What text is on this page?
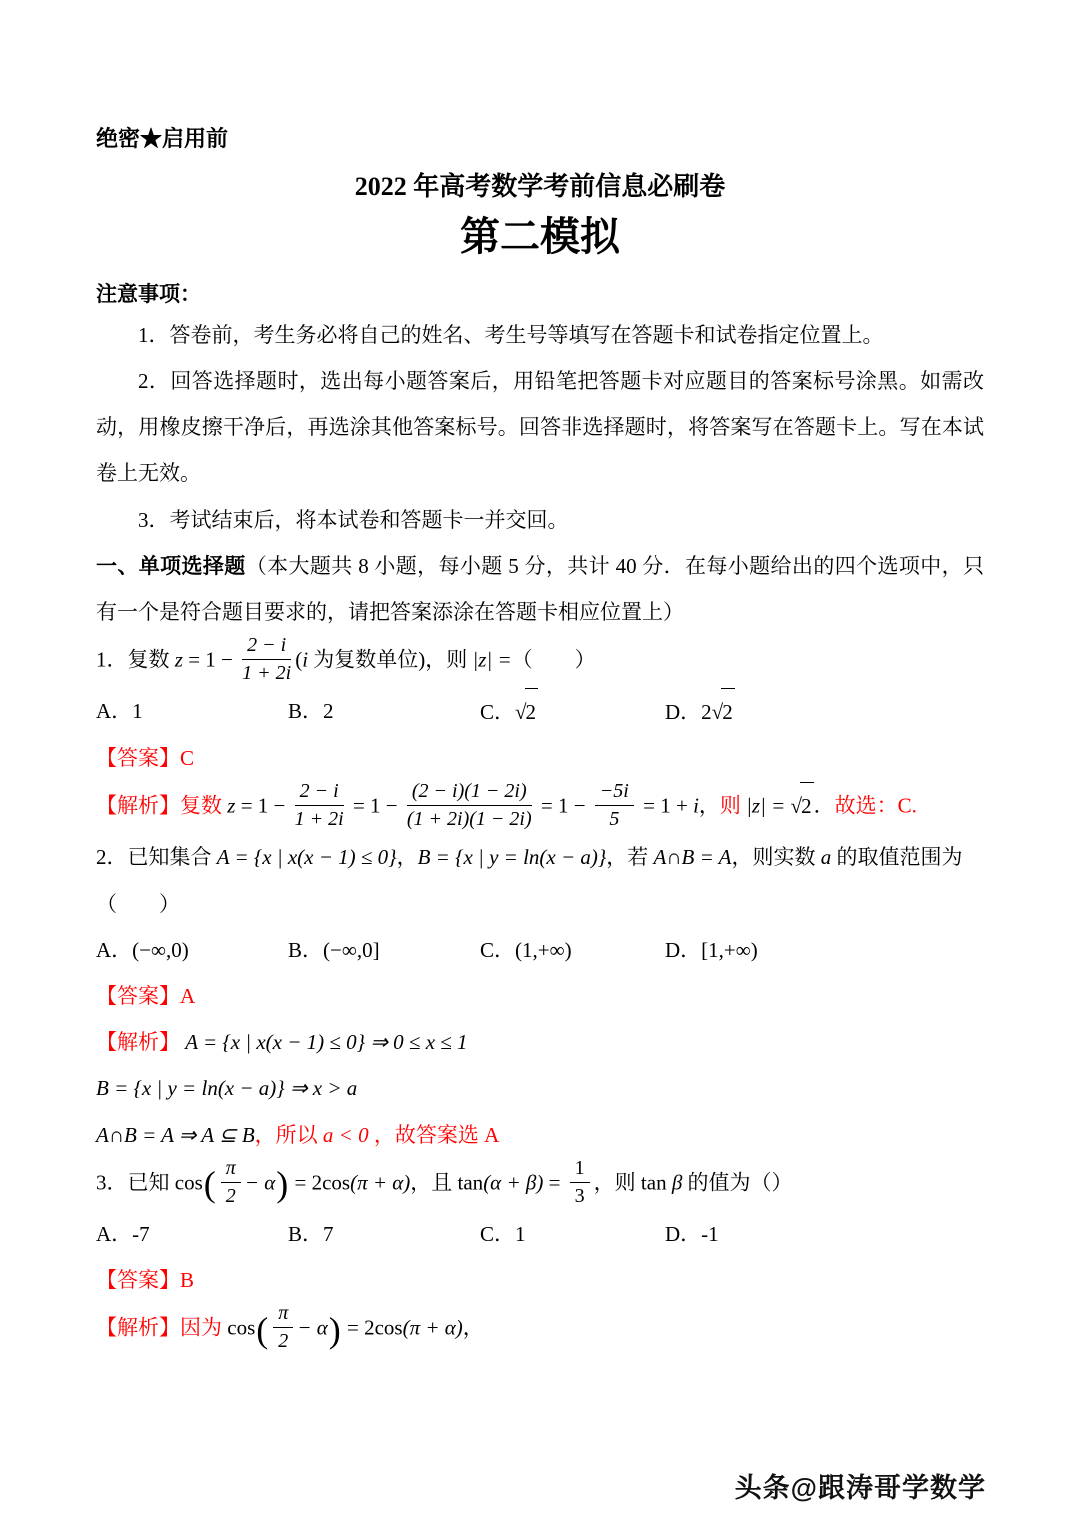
绝密★启用前
2022 年高考数学考前信息必刷卷
第二模拟
注意事项：

1．答卷前，考生务必将自己的姓名、考生号等填写在答题卡和试卷指定位置上。

2．回答选择题时，选出每小题答案后，用铅笔把答题卡对应题目的答案标号涂黑。如需改动，用橡皮擦干净后，再选涂其他答案标号。回答非选择题时，将答案写在答题卡上。写在本试卷上无效。

3．考试结束后，将本试卷和答题卡一并交回。

一、单项选择题（本大题共 8 小题，每小题 5 分，共计 40 分．在每小题给出的四个选项中，只有一个是符合题目要求的，请把答案添涂在答题卡相应位置上）

1．复数 $z = 1 - \frac{2 - i}{1 + 2i} (i$ 为复数单位)，则 |z| =（　　）

A．1	B．2	C．√2	D．2√2

【答案】C

【解析】复数 $z = 1 - \frac{2 - i}{1 + 2i} = 1 - \frac{(2 - i)(1 - 2i)}{(1 + 2i)(1 - 2i)} = 1 - \frac{-5i}{5} = 1 + i$，则 |z| = √2．故选：C.

2．已知集合 A = {x | x(x − 1) ≤ 0}，B = {x | y = ln(x − a)}，若 A∩B = A，则实数 a 的取值范围为（　　）

A．(−∞,0)	B．(−∞,0]	C．(1,+∞)	D．[1,+∞)

【答案】A

【解析】 A = {x | x(x − 1) ≤ 0} ⇒ 0 ≤ x ≤ 1

B = {x | y = ln(x − a)} ⇒ x > a

A∩B = A ⇒ A ⊆ B，所以 a < 0 ，故答案选 A

3．已知 $\cos( \frac{\pi}{2} - \alpha) = 2\cos(\pi + \alpha)$，且 $\tan(\alpha + \beta) = \frac{1}{3}$ ，则 tan β 的值为（）

A．-7	B．7	C．1	D．-1

【答案】B

【解析】因为 $\cos( \frac{\pi}{2} - \alpha) = 2\cos(\pi + \alpha)$，

头条@跟涛哥学数学
